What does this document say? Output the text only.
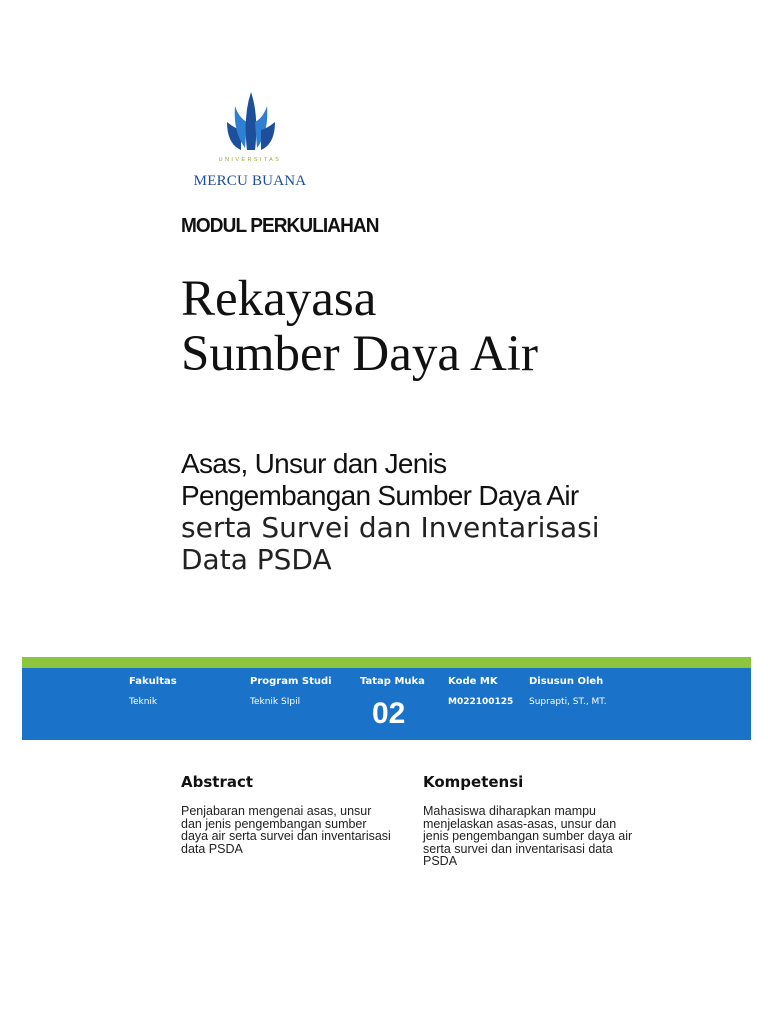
UNIVERSITAS
MERCU BUANA
MODUL PERKULIAHAN
Rekayasa
Sumber Daya Air
Asas, Unsur dan Jenis
Pengembangan Sumber Daya Air
serta Survei dan Inventarisasi
Data PSDA
Fakultas
Teknik
Program Studi
Teknik SIpil
Tatap Muka
02
Kode MK
M022100125
Disusun Oleh
Suprapti, ST., MT.
Abstract
Penjabaran mengenai asas, unsur
dan jenis pengembangan sumber
daya air serta survei dan inventarisasi
data PSDA
Kompetensi
Mahasiswa diharapkan mampu
menjelaskan asas-asas, unsur dan
jenis pengembangan sumber daya air
serta survei dan inventarisasi data
PSDA
